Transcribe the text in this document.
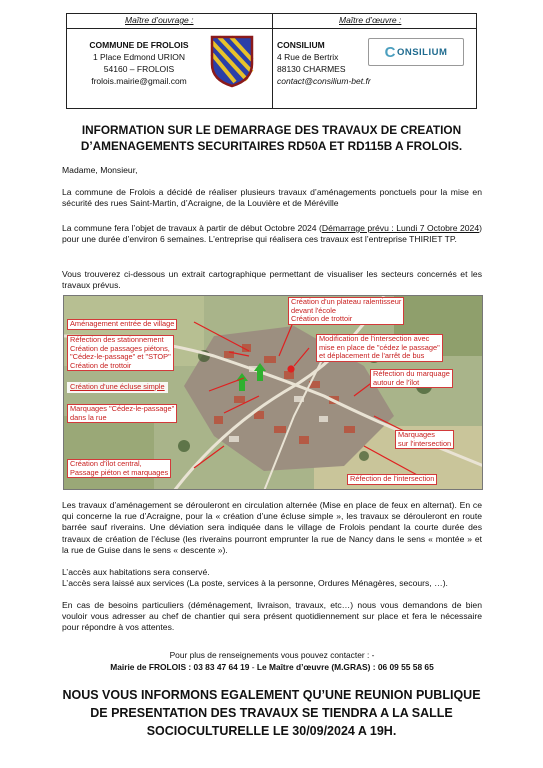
Maître d’ouvrage :	Maître d’œuvre :
COMMUNE DE FROLOIS
1 Place Edmond URION
54160 – FROLOIS
frolois.mairie@gmail.com
CONSILIUM
4 Rue de Bertrix
88130 CHARMES
contact@consilium-bet.fr
C ONSILIUM
INFORMATION SUR LE DEMARRAGE DES TRAVAUX DE CREATION
D’AMENAGEMENTS SECURITAIRES RD50A ET RD115B A FROLOIS.
Madame, Monsieur,
La commune de Frolois a décidé de réaliser plusieurs travaux d’aménagements ponctuels pour la mise en sécurité des rues Saint-Martin, d’Acraigne, de la Louvière et de Méréville
La commune fera l’objet de travaux à partir de début Octobre 2024 (Démarrage prévu : Lundi 7 Octobre 2024) pour une durée d’environ 6 semaines. L’entreprise qui réalisera ces travaux est l’entreprise THIRIET TP.
Vous trouverez ci-dessous un extrait cartographique permettant de visualiser les secteurs concernés et les travaux prévus.
Aménagement entrée de village
Réfection des stationnement
Création de passages piétons,
"Cédez-le-passage" et "STOP"
Création de trottoir
Création d'une écluse simple
Marquages "Cédez-le-passage"
dans la rue
Création d'îlot central,
Passage piéton et marquages
Création d'un plateau ralentisseur
devant l'école
Création de trottoir
Modification de l'intersection avec
mise en place de "cédez le passage"
et déplacement de l'arrêt de bus
Réfection du marquage
autour de l'îlot
Marquages
sur l'intersection
Réfection de l'intersection
Les travaux d’aménagement se dérouleront en circulation alternée (Mise en place de feux en alternat). En ce qui concerne la rue d’Acraigne, pour la « création d’une écluse simple », les travaux se dérouleront en route barrée sauf riverains. Une déviation sera indiquée dans le village de Frolois pendant la courte durée des travaux de création de l’écluse (les riverains pourront emprunter la rue de Nancy dans le sens « montée » et la rue de Guise dans le sens « descente »).
L’accès aux habitations sera conservé.
L’accès sera laissé aux services (La poste, services à la personne, Ordures Ménagères, secours, …).
En cas de besoins particuliers (déménagement, livraison, travaux, etc…) nous vous demandons de bien vouloir vous adresser au chef de chantier qui sera présent quotidiennement sur place et fera le nécessaire pour répondre à vos attentes.
Pour plus de renseignements vous pouvez contacter : -
Mairie de FROLOIS : 03 83 47 64 19 - Le Maître d’œuvre (M.GRAS) : 06 09 55 58 65
NOUS VOUS INFORMONS EGALEMENT QU’UNE REUNION PUBLIQUE
DE PRESENTATION DES TRAVAUX SE TIENDRA A LA SALLE
SOCIOCULTURELLE LE 30/09/2024 A 19H.
